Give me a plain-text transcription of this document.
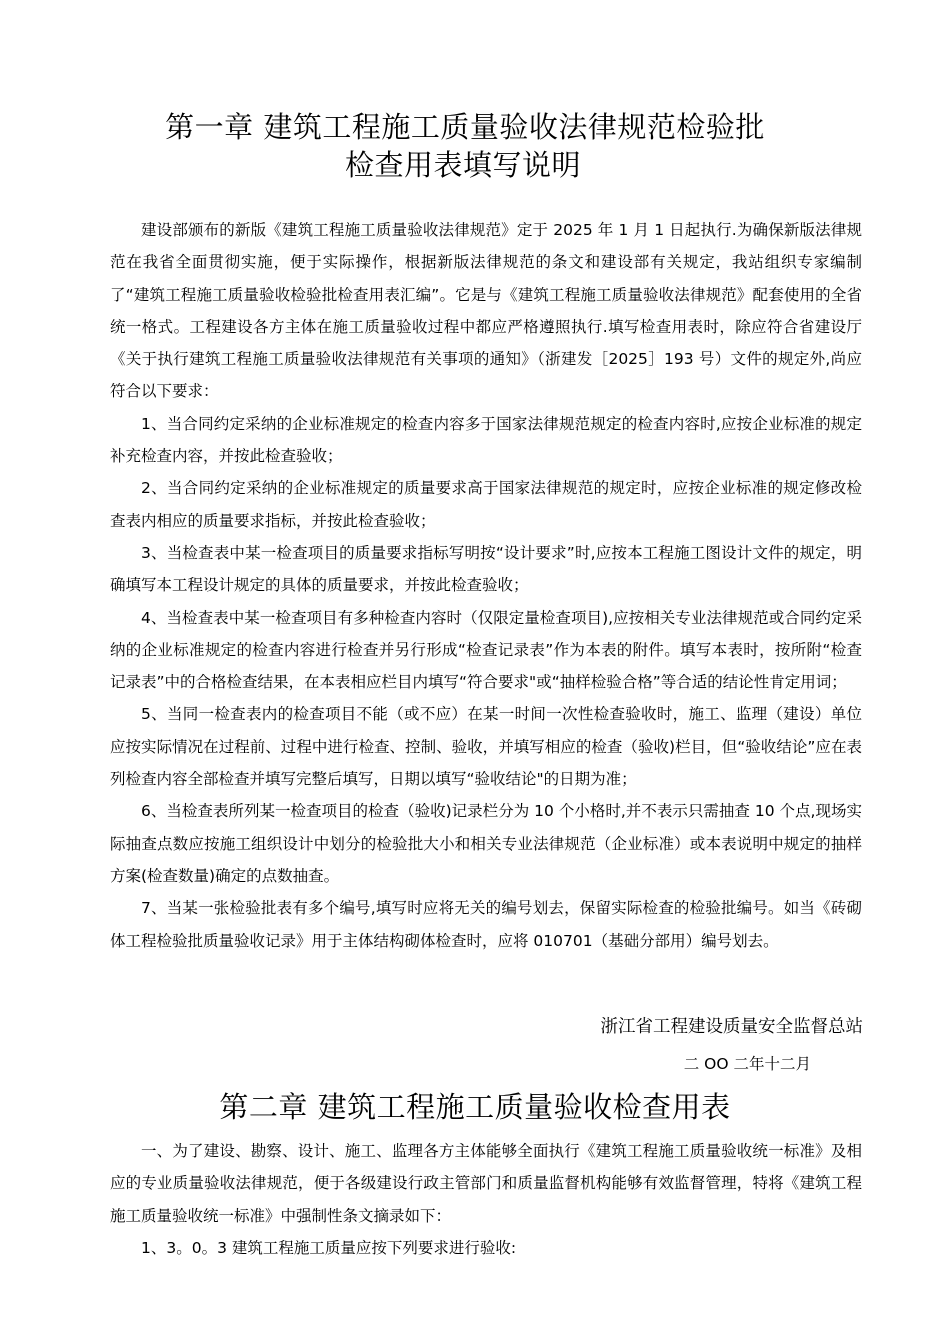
第一章 建筑工程施工质量验收法律规范检验批
检查用表填写说明

建设部颁布的新版《建筑工程施工质量验收法律规范》定于 2025 年 1 月 1 日起执行.为确保新版法律规范在我省全面贯彻实施，便于实际操作，根据新版法律规范的条文和建设部有关规定，我站组织专家编制了“建筑工程施工质量验收检验批检查用表汇编”。它是与《建筑工程施工质量验收法律规范》配套使用的全省统一格式。工程建设各方主体在施工质量验收过程中都应严格遵照执行.填写检查用表时，除应符合省建设厅《关于执行建筑工程施工质量验收法律规范有关事项的通知》（浙建发［2025］193 号）文件的规定外,尚应符合以下要求：

1、当合同约定采纳的企业标准规定的检查内容多于国家法律规范规定的检查内容时,应按企业标准的规定补充检查内容，并按此检查验收；

2、当合同约定采纳的企业标准规定的质量要求高于国家法律规范的规定时，应按企业标准的规定修改检查表内相应的质量要求指标，并按此检查验收；

3、当检查表中某一检查项目的质量要求指标写明按“设计要求”时,应按本工程施工图设计文件的规定，明确填写本工程设计规定的具体的质量要求，并按此检查验收；

4、当检查表中某一检查项目有多种检查内容时（仅限定量检查项目),应按相关专业法律规范或合同约定采纳的企业标准规定的检查内容进行检查并另行形成“检查记录表”作为本表的附件。填写本表时，按所附“检查记录表”中的合格检查结果，在本表相应栏目内填写“符合要求"或“抽样检验合格”等合适的结论性肯定用词；

5、当同一检查表内的检查项目不能（或不应）在某一时间一次性检查验收时，施工、监理（建设）单位应按实际情况在过程前、过程中进行检查、控制、验收，并填写相应的检查（验收)栏目，但“验收结论”应在表列检查内容全部检查并填写完整后填写，日期以填写“验收结论"的日期为准；

6、当检查表所列某一检查项目的检查（验收)记录栏分为 10 个小格时,并不表示只需抽查 10 个点,现场实际抽查点数应按施工组织设计中划分的检验批大小和相关专业法律规范（企业标准）或本表说明中规定的抽样方案(检查数量)确定的点数抽查。

7、当某一张检验批表有多个编号,填写时应将无关的编号划去，保留实际检查的检验批编号。如当《砖砌体工程检验批质量验收记录》用于主体结构砌体检查时，应将 010701（基础分部用）编号划去。

浙江省工程建设质量安全监督总站
二 OO 二年十二月
第二章 建筑工程施工质量验收检查用表

一、为了建设、勘察、设计、施工、监理各方主体能够全面执行《建筑工程施工质量验收统一标准》及相应的专业质量验收法律规范，便于各级建设行政主管部门和质量监督机构能够有效监督管理，特将《建筑工程施工质量验收统一标准》中强制性条文摘录如下：

1、3。0。3 建筑工程施工质量应按下列要求进行验收:
